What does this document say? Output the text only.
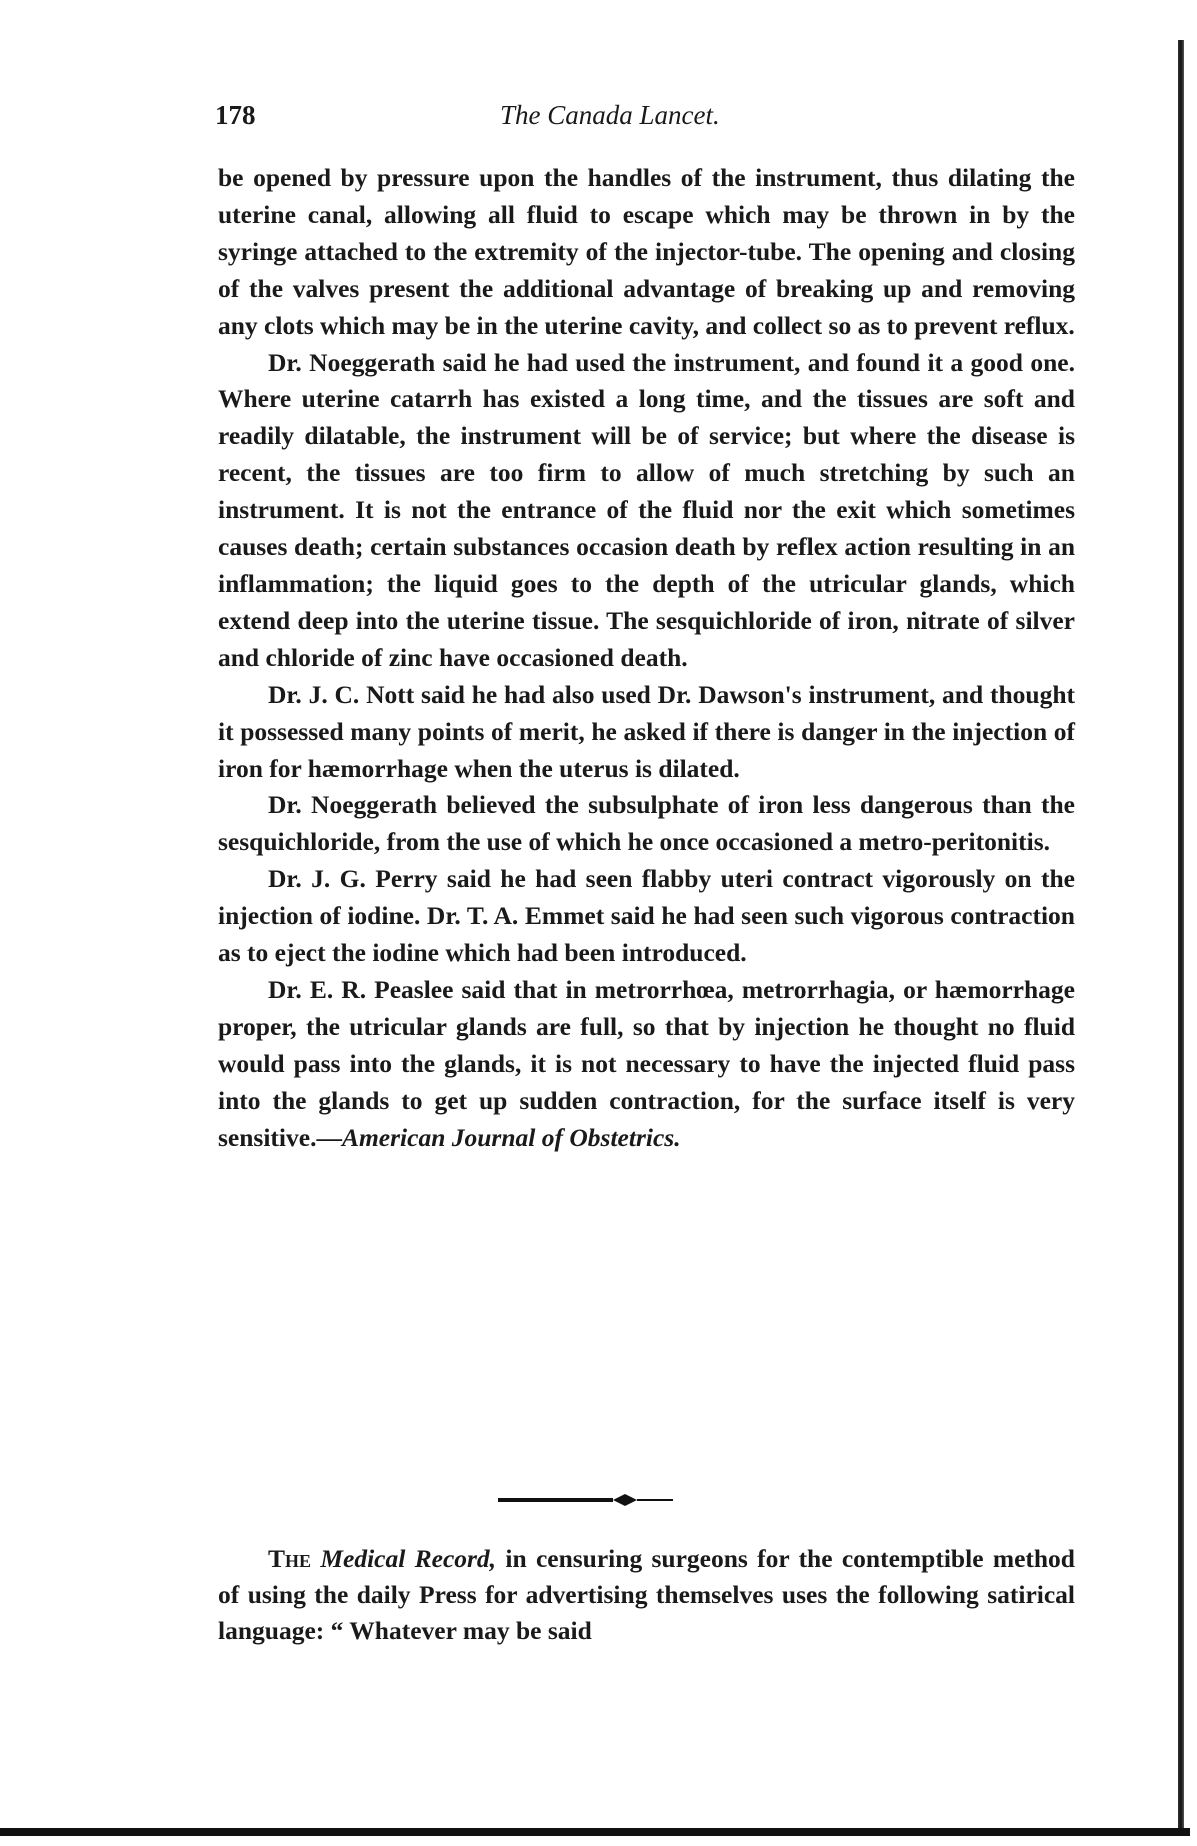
178	The Canada Lancet.

be opened by pressure upon the handles of the instrument, thus dilating the uterine canal, allowing all fluid to escape which may be thrown in by the syringe attached to the extremity of the injector-tube. The opening and closing of the valves present the additional advantage of breaking up and removing any clots which may be in the uterine cavity, and collect so as to prevent reflux.

Dr. Noeggerath said he had used the instrument, and found it a good one. Where uterine catarrh has existed a long time, and the tissues are soft and readily dilatable, the instrument will be of service; but where the disease is recent, the tissues are too firm to allow of much stretching by such an instrument. It is not the entrance of the fluid nor the exit which sometimes causes death; certain substances occasion death by reflex action resulting in an inflammation; the liquid goes to the depth of the utricular glands, which extend deep into the uterine tissue. The sesquichloride of iron, nitrate of silver and chloride of zinc have occasioned death.

Dr. J. C. Nott said he had also used Dr. Dawson's instrument, and thought it possessed many points of merit, he asked if there is danger in the injection of iron for hæmorrhage when the uterus is dilated.

Dr. Noeggerath believed the subsulphate of iron less dangerous than the sesquichloride, from the use of which he once occasioned a metro-peritonitis.

Dr. J. G. Perry said he had seen flabby uteri contract vigorously on the injection of iodine. Dr. T. A. Emmet said he had seen such vigorous contraction as to eject the iodine which had been introduced.

Dr. E. R. Peaslee said that in metrorrhœa, metrorrhagia, or hæmorrhage proper, the utricular glands are full, so that by injection he thought no fluid would pass into the glands, it is not necessary to have the injected fluid pass into the glands to get up sudden contraction, for the surface itself is very sensitive.—American Journal of Obstetrics.

The Medical Record, in censuring surgeons for the contemptible method of using the daily Press for advertising themselves uses the following satirical language: “ Whatever may be said
